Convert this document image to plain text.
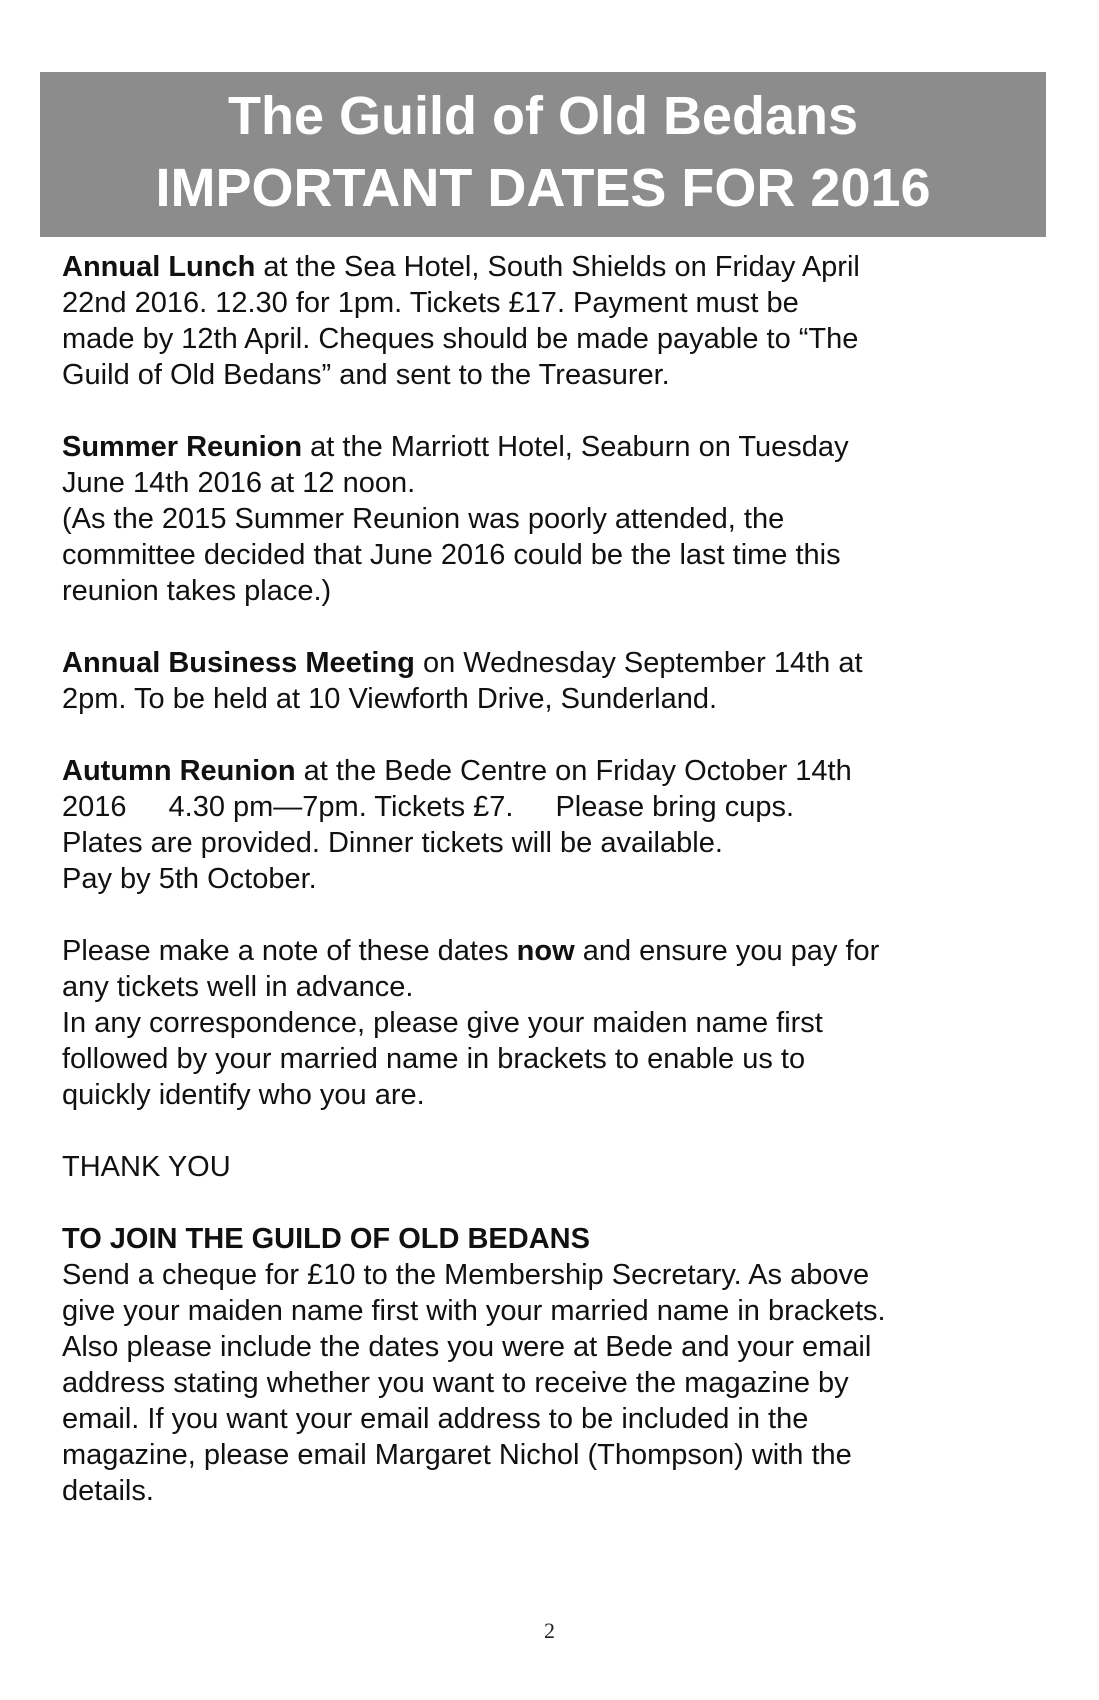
The Guild of Old Bedans
IMPORTANT DATES FOR 2016
Annual Lunch at the Sea Hotel, South Shields on Friday April
22nd 2016. 12.30 for 1pm. Tickets £17. Payment must be
made by 12th April. Cheques should be made payable to “The
Guild of Old Bedans” and sent to the Treasurer.
Summer Reunion at the Marriott Hotel, Seaburn on Tuesday
June 14th 2016 at 12 noon.
(As the 2015 Summer Reunion was poorly attended, the
committee decided that June 2016 could be the last time this
reunion takes place.)
Annual Business Meeting on Wednesday September 14th at
2pm. To be held at 10 Viewforth Drive, Sunderland.
Autumn Reunion at the Bede Centre on Friday October 14th
2016 4.30 pm—7pm. Tickets £7. Please bring cups.
Plates are provided. Dinner tickets will be available.
Pay by 5th October.
Please make a note of these dates now and ensure you pay for
any tickets well in advance.
In any correspondence, please give your maiden name first
followed by your married name in brackets to enable us to
quickly identify who you are.
THANK YOU
TO JOIN THE GUILD OF OLD BEDANS
Send a cheque for £10 to the Membership Secretary. As above
give your maiden name first with your married name in brackets.
Also please include the dates you were at Bede and your email
address stating whether you want to receive the magazine by
email. If you want your email address to be included in the
magazine, please email Margaret Nichol (Thompson) with the
details.
2
